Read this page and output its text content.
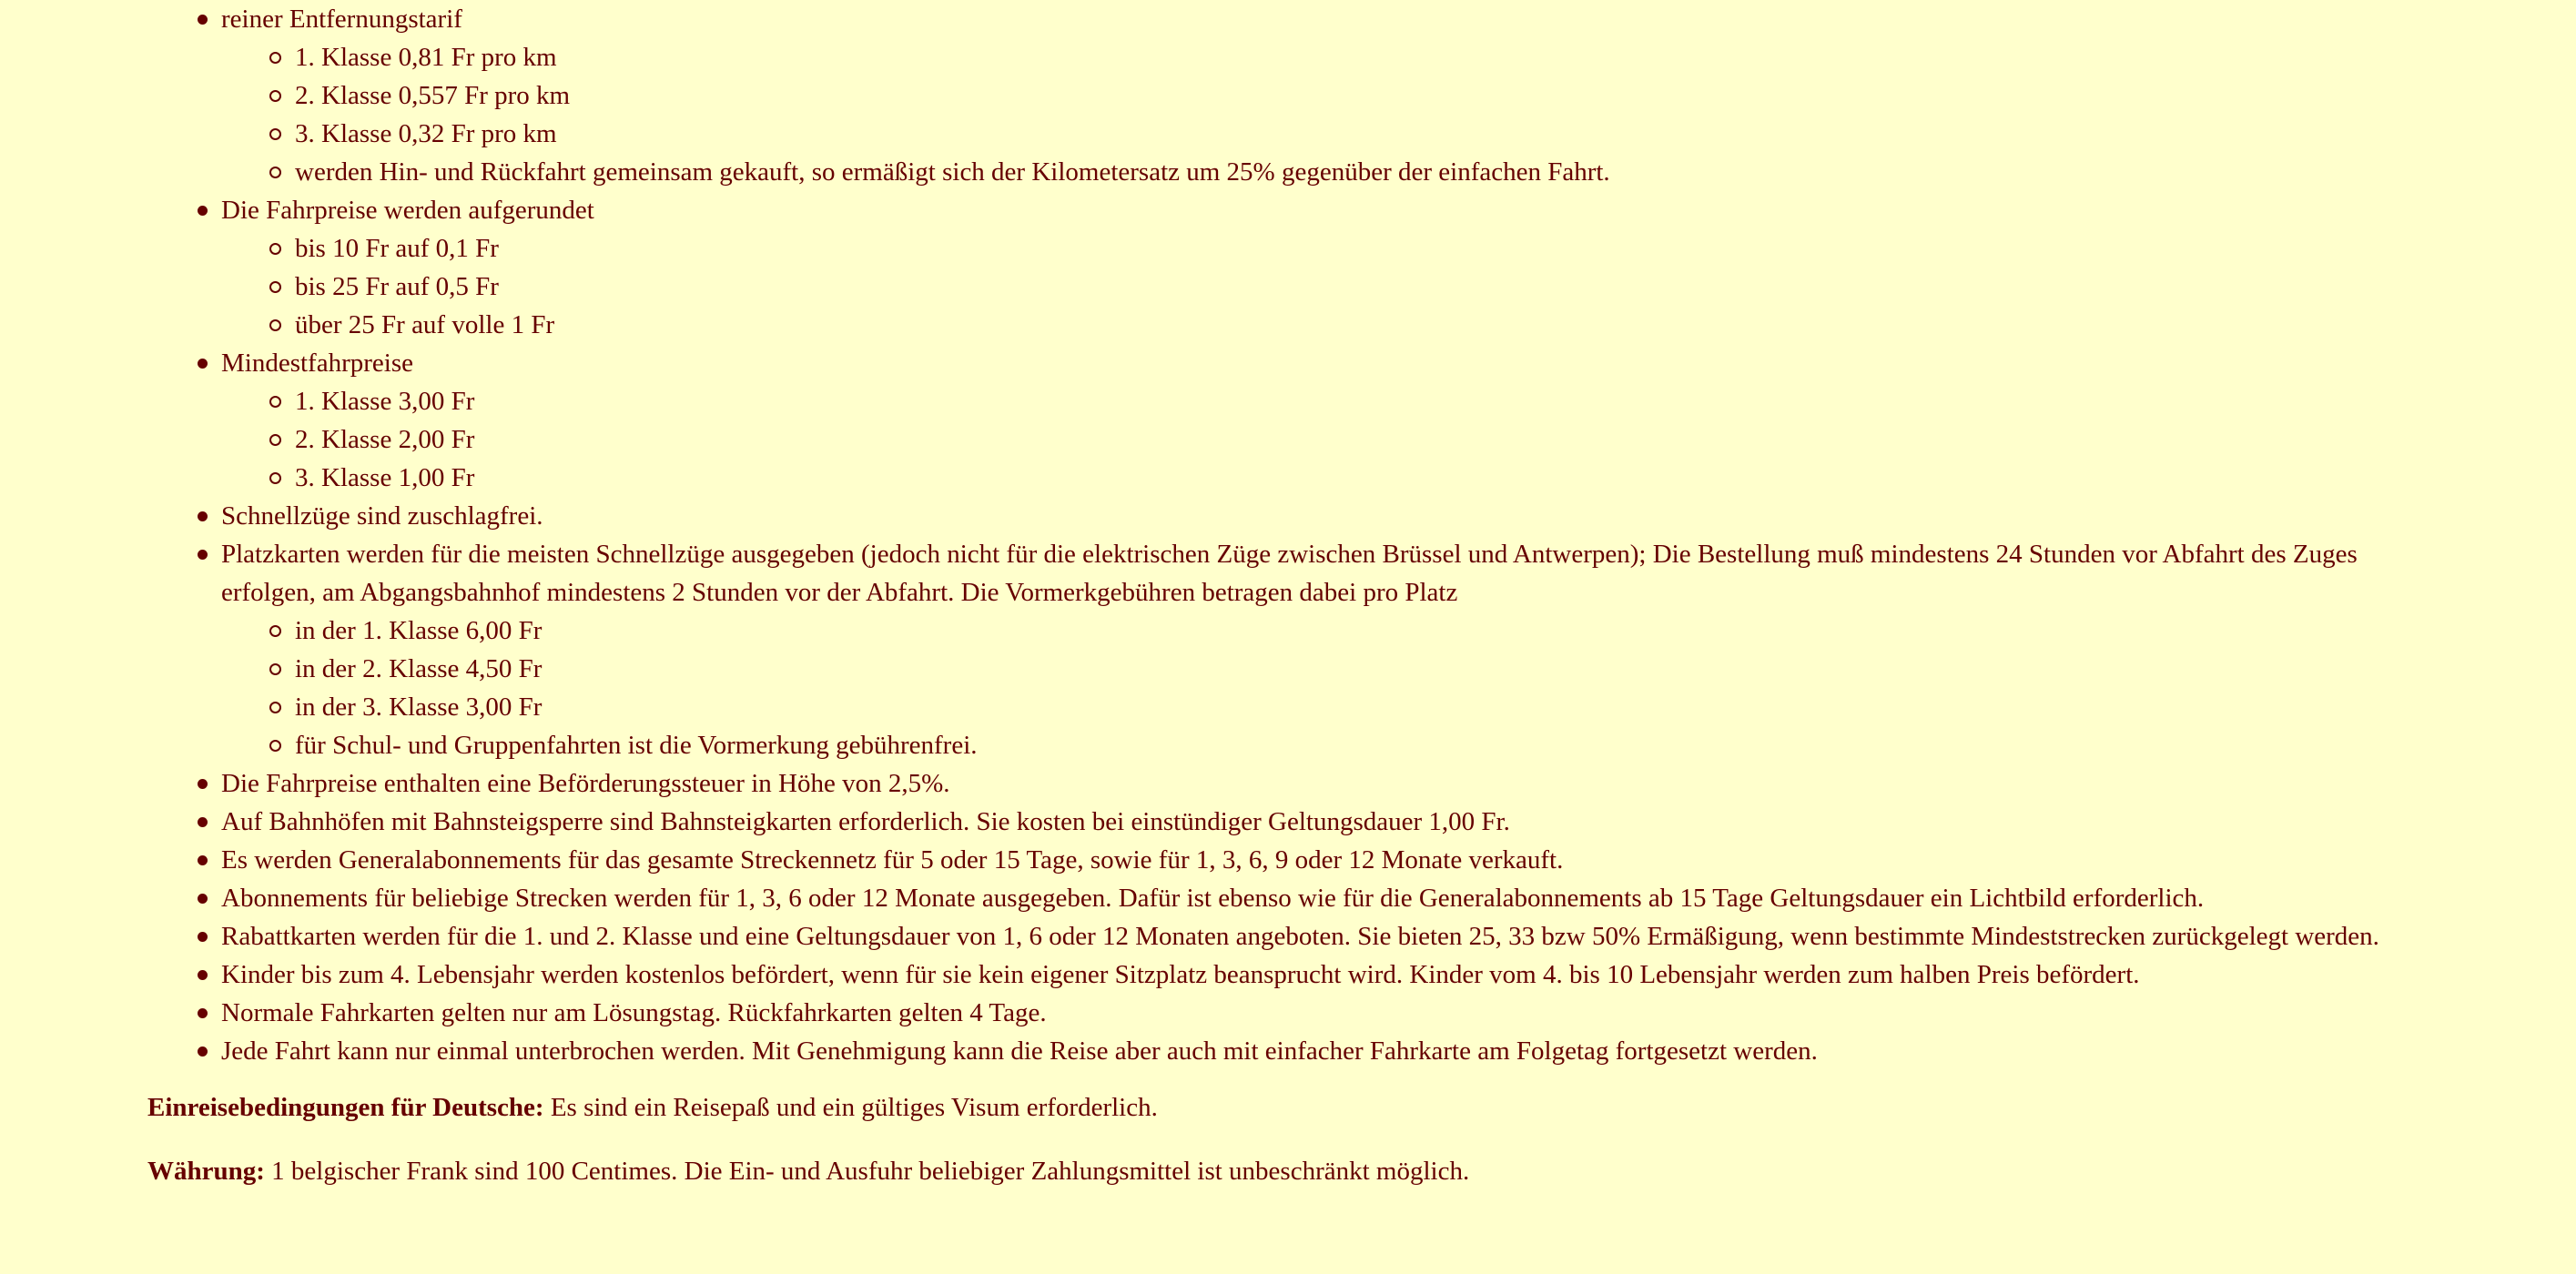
reiner Entfernungstarif
1. Klasse 0,81 Fr pro km
2. Klasse 0,557 Fr pro km
3. Klasse 0,32 Fr pro km
werden Hin- und Rückfahrt gemeinsam gekauft, so ermäßigt sich der Kilometersatz um 25% gegenüber der einfachen Fahrt.
Die Fahrpreise werden aufgerundet
bis 10 Fr auf 0,1 Fr
bis 25 Fr auf 0,5 Fr
über 25 Fr auf volle 1 Fr
Mindestfahrpreise
1. Klasse 3,00 Fr
2. Klasse 2,00 Fr
3. Klasse 1,00 Fr
Schnellzüge sind zuschlagfrei.
Platzkarten werden für die meisten Schnellzüge ausgegeben (jedoch nicht für die elektrischen Züge zwischen Brüssel und Antwerpen); Die Bestellung muß mindestens 24 Stunden vor Abfahrt des Zuges erfolgen, am Abgangsbahnhof mindestens 2 Stunden vor der Abfahrt. Die Vormerkgebühren betragen dabei pro Platz
in der 1. Klasse 6,00 Fr
in der 2. Klasse 4,50 Fr
in der 3. Klasse 3,00 Fr
für Schul- und Gruppenfahrten ist die Vormerkung gebührenfrei.
Die Fahrpreise enthalten eine Beförderungssteuer in Höhe von 2,5%.
Auf Bahnhöfen mit Bahnsteigsperre sind Bahnsteigkarten erforderlich. Sie kosten bei einstündiger Geltungsdauer 1,00 Fr.
Es werden Generalabonnements für das gesamte Streckennetz für 5 oder 15 Tage, sowie für 1, 3, 6, 9 oder 12 Monate verkauft.
Abonnements für beliebige Strecken werden für 1, 3, 6 oder 12 Monate ausgegeben. Dafür ist ebenso wie für die Generalabonnements ab 15 Tage Geltungsdauer ein Lichtbild erforderlich.
Rabattkarten werden für die 1. und 2. Klasse und eine Geltungsdauer von 1, 6 oder 12 Monaten angeboten. Sie bieten 25, 33 bzw 50% Ermäßigung, wenn bestimmte Mindeststrecken zurückgelegt werden.
Kinder bis zum 4. Lebensjahr werden kostenlos befördert, wenn für sie kein eigener Sitzplatz beansprucht wird. Kinder vom 4. bis 10 Lebensjahr werden zum halben Preis befördert.
Normale Fahrkarten gelten nur am Lösungstag. Rückfahrkarten gelten 4 Tage.
Jede Fahrt kann nur einmal unterbrochen werden. Mit Genehmigung kann die Reise aber auch mit einfacher Fahrkarte am Folgetag fortgesetzt werden.

Einreisebedingungen für Deutsche: Es sind ein Reisepaß und ein gültiges Visum erforderlich.

Währung: 1 belgischer Frank sind 100 Centimes. Die Ein- und Ausfuhr beliebiger Zahlungsmittel ist unbeschränkt möglich.
